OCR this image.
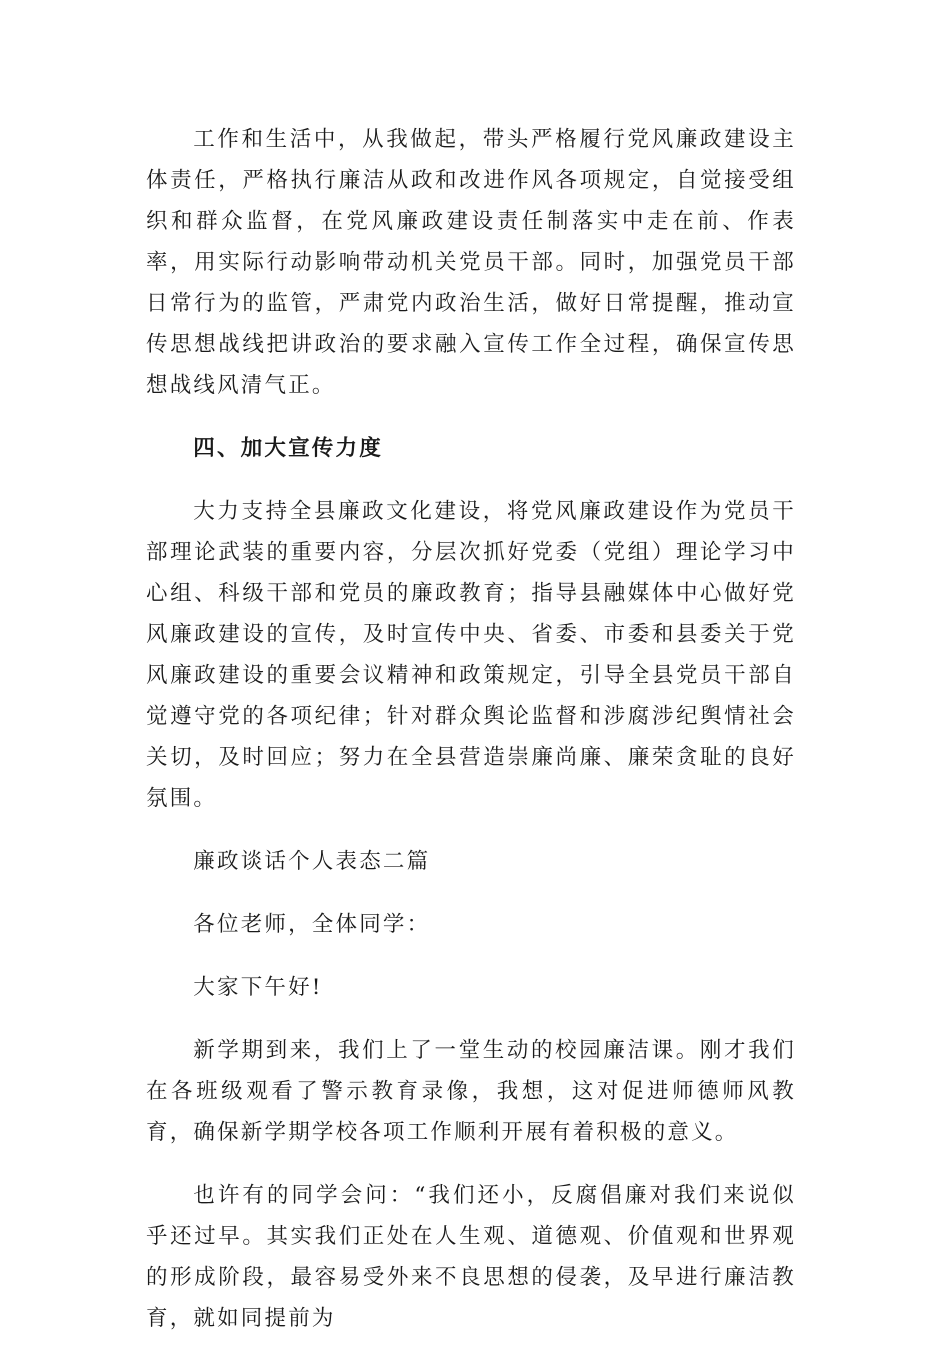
工作和生活中，从我做起，带头严格履行党风廉政建设主体责任，严格执行廉洁从政和改进作风各项规定，自觉接受组织和群众监督，在党风廉政建设责任制落实中走在前、作表率，用实际行动影响带动机关党员干部。同时，加强党员干部日常行为的监管，严肃党内政治生活，做好日常提醒，推动宣传思想战线把讲政治的要求融入宣传工作全过程，确保宣传思想战线风清气正。

四、加大宣传力度

大力支持全县廉政文化建设，将党风廉政建设作为党员干部理论武装的重要内容，分层次抓好党委（党组）理论学习中心组、科级干部和党员的廉政教育；指导县融媒体中心做好党风廉政建设的宣传，及时宣传中央、省委、市委和县委关于党风廉政建设的重要会议精神和政策规定，引导全县党员干部自觉遵守党的各项纪律；针对群众舆论监督和涉腐涉纪舆情社会关切，及时回应；努力在全县营造崇廉尚廉、廉荣贪耻的良好氛围。

廉政谈话个人表态二篇

各位老师，全体同学：

大家下午好!

新学期到来，我们上了一堂生动的校园廉洁课。刚才我们在各班级观看了警示教育录像，我想，这对促进师德师风教育，确保新学期学校各项工作顺利开展有着积极的意义。

也许有的同学会问：“我们还小，反腐倡廉对我们来说似乎还过早。其实我们正处在人生观、道德观、价值观和世界观的形成阶段，最容易受外来不良思想的侵袭，及早进行廉洁教育，就如同提前为
